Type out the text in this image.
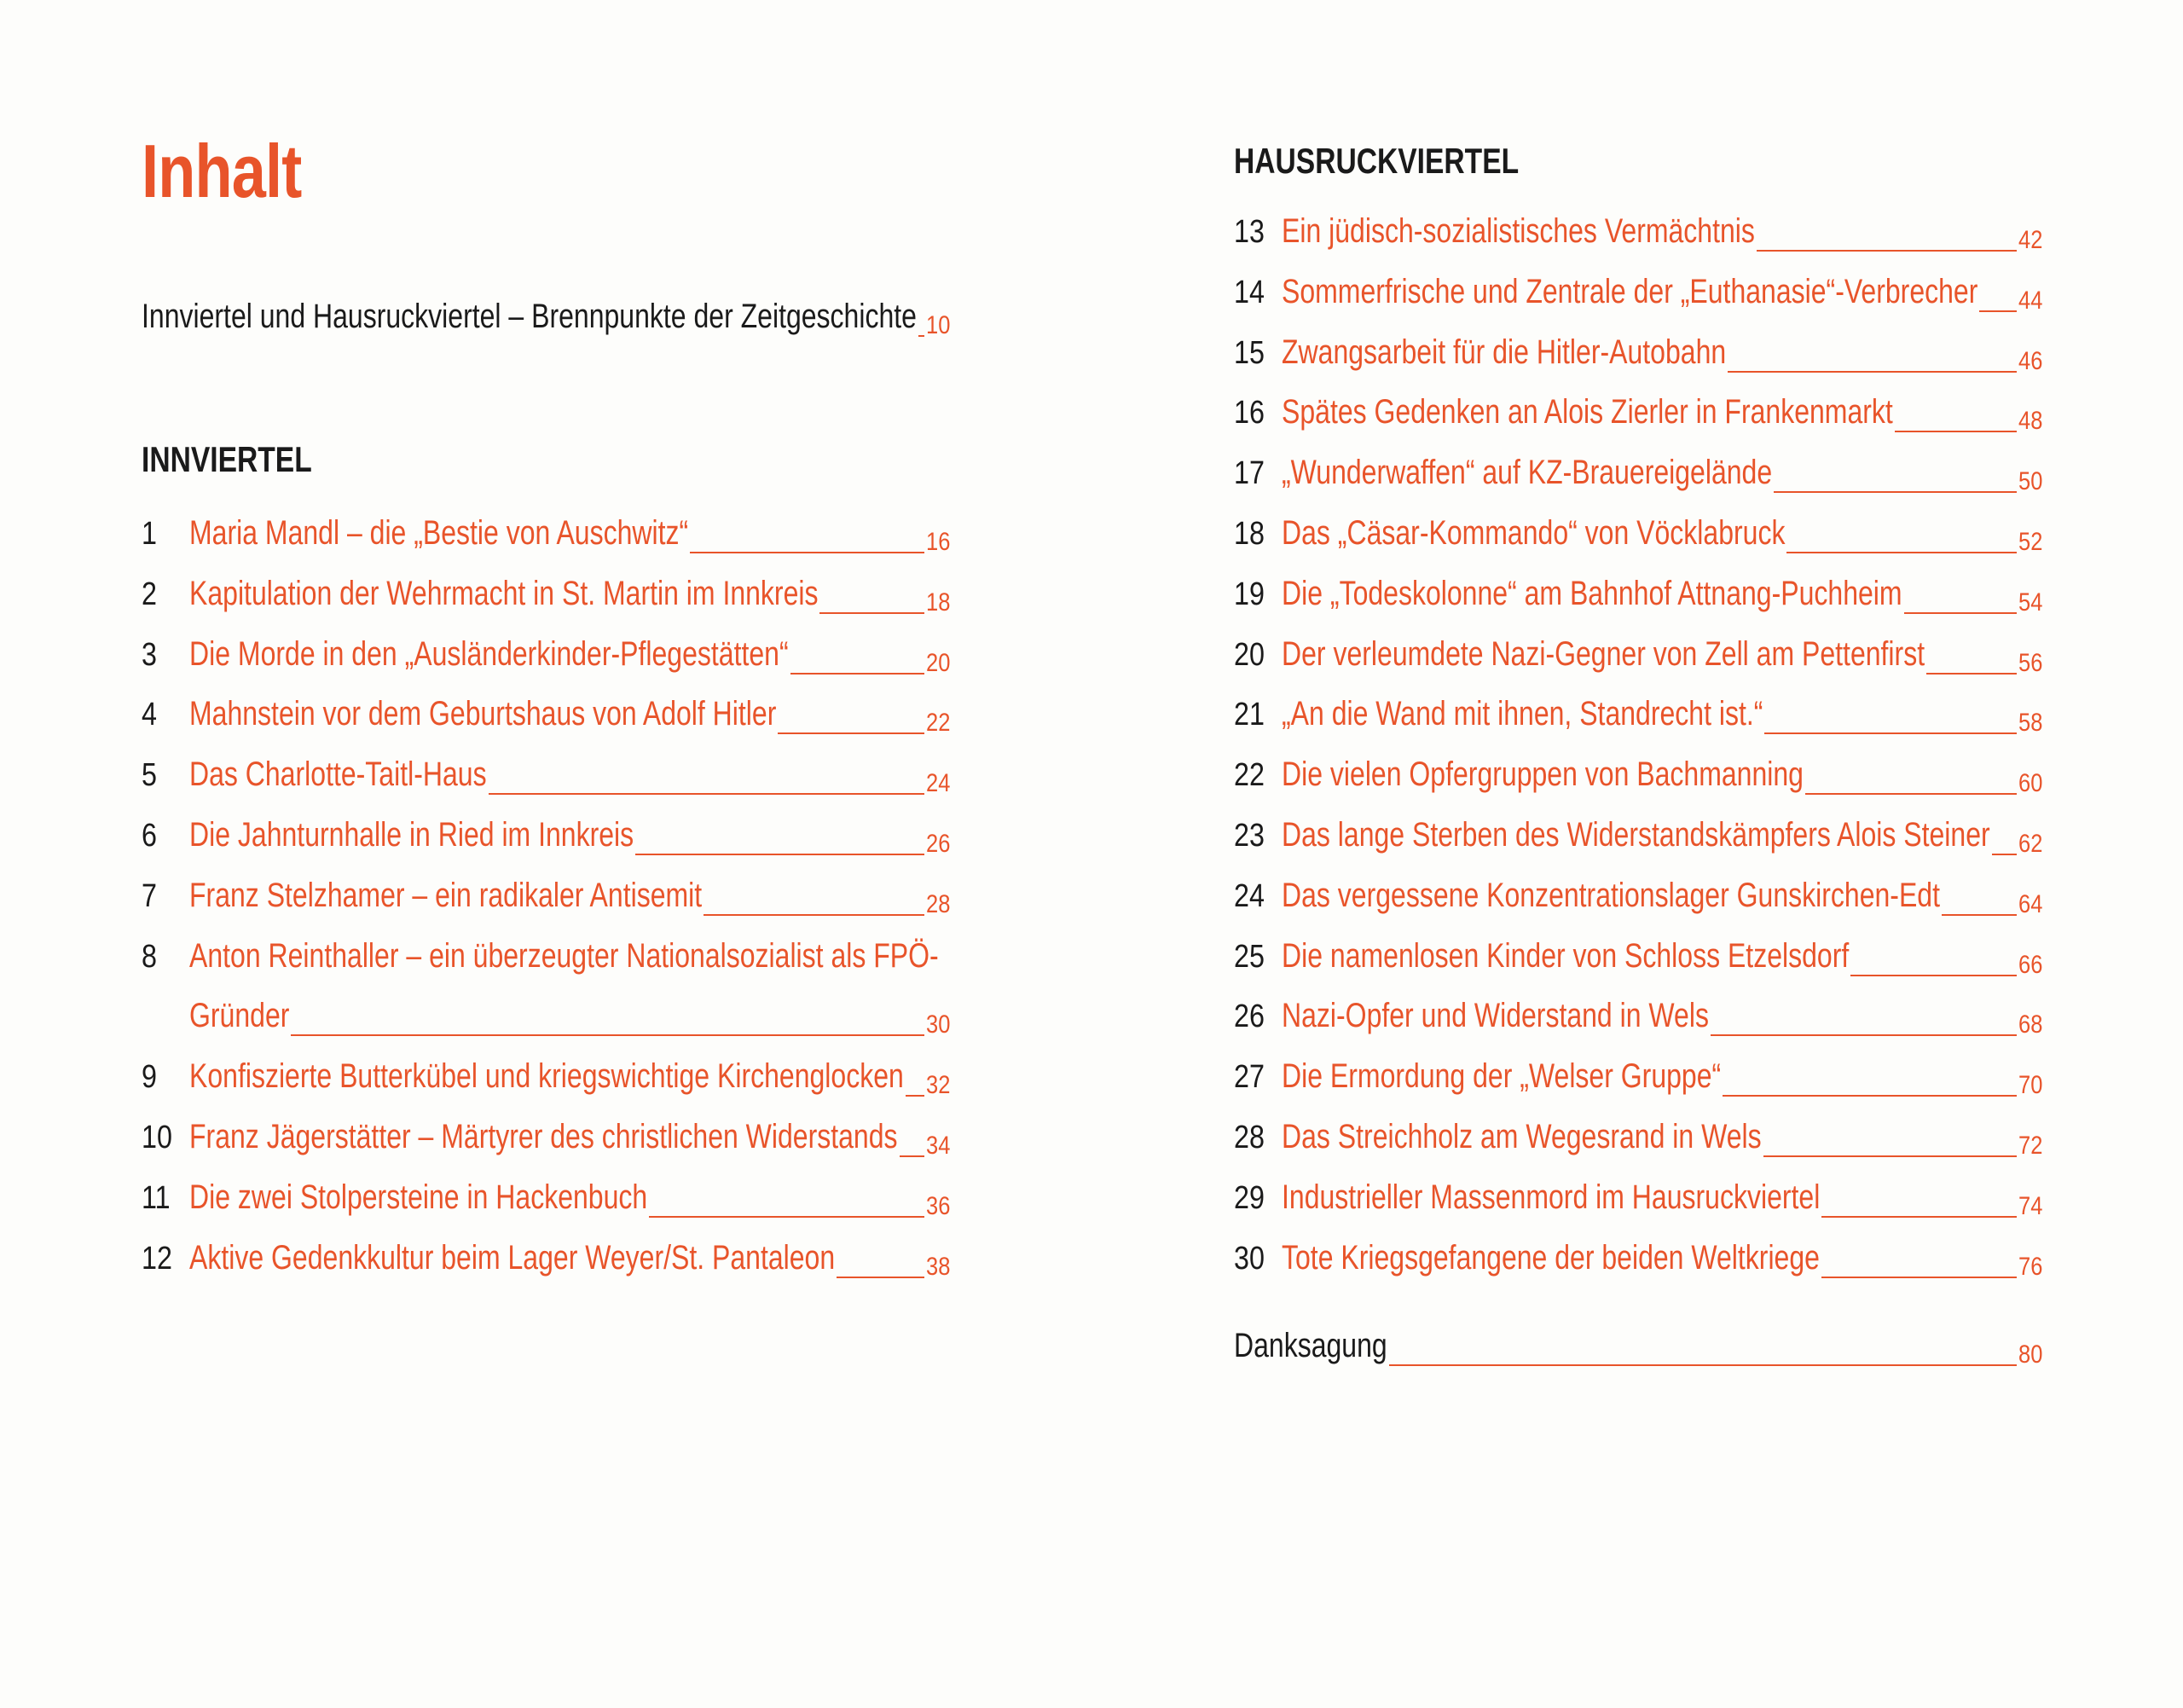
Inhalt
Innviertel und Hausruckviertel – Brennpunkte der Zeitgeschichte 10
INNVIERTEL
1 Maria Mandl – die „Bestie von Auschwitz“	16
2 Kapitulation der Wehrmacht in St. Martin im Innkreis	18
3 Die Morde in den „Ausländerkinder-Pflegestätten“	20
4 Mahnstein vor dem Geburtshaus von Adolf Hitler	22
5 Das Charlotte-Taitl-Haus	24
6 Die Jahnturnhalle in Ried im Innkreis	26
7 Franz Stelzhamer – ein radikaler Antisemit	28
8 Anton Reinthaller – ein überzeugter Nationalsozialist als FPÖ-
Gründer	30
9 Konfiszierte Butterkübel und kriegswichtige Kirchenglocken 32
10 Franz Jägerstätter – Märtyrer des christlichen Widerstands 34
11 Die zwei Stolpersteine in Hackenbuch	36
12 Aktive Gedenkkultur beim Lager Weyer/St. Pantaleon	38
HAUSRUCKVIERTEL
13 Ein jüdisch-sozialistisches Vermächtnis	42
14 Sommerfrische und Zentrale der „Euthanasie“-Verbrecher 44
15 Zwangsarbeit für die Hitler-Autobahn	46
16 Spätes Gedenken an Alois Zierler in Frankenmarkt	48
17 „Wunderwaffen“ auf KZ-Brauereigelände	50
18 Das „Cäsar-Kommando“ von Vöcklabruck	52
19 Die „Todeskolonne“ am Bahnhof Attnang-Puchheim	54
20 Der verleumdete Nazi-Gegner von Zell am Pettenfirst	56
21 „An die Wand mit ihnen, Standrecht ist.“	58
22 Die vielen Opfergruppen von Bachmanning	60
23 Das lange Sterben des Widerstandskämpfers Alois Steiner 62
24 Das vergessene Konzentrationslager Gunskirchen-Edt	64
25 Die namenlosen Kinder von Schloss Etzelsdorf	66
26 Nazi-Opfer und Widerstand in Wels	68
27 Die Ermordung der „Welser Gruppe“	70
28 Das Streichholz am Wegesrand in Wels	72
29 Industrieller Massenmord im Hausruckviertel	74
30 Tote Kriegsgefangene der beiden Weltkriege	76
Danksagung	80
